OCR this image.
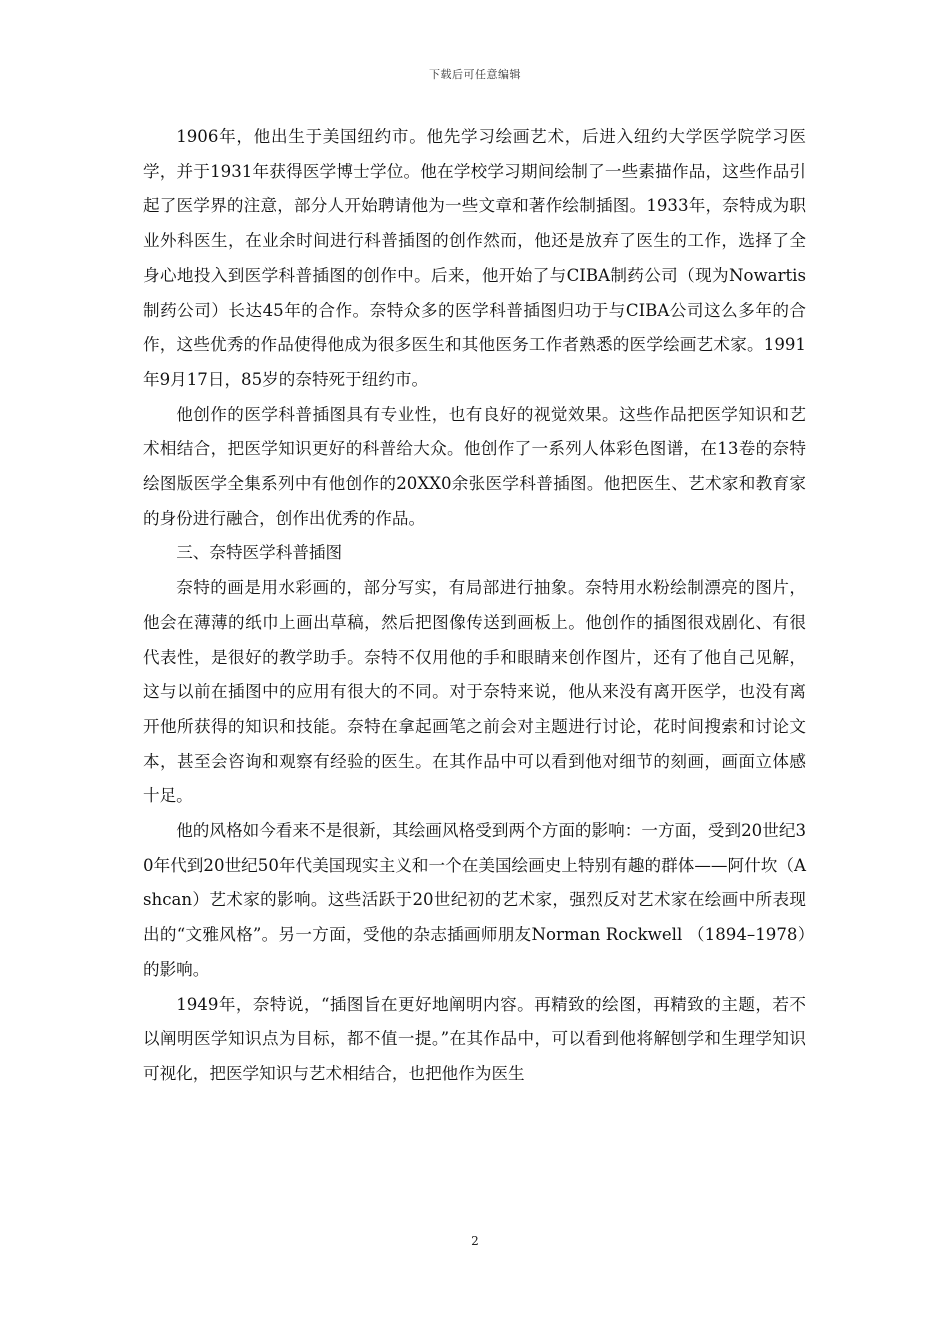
下载后可任意编辑

1906年，他出生于美国纽约市。他先学习绘画艺术，后进入纽约大学医学院学习医学，并于1931年获得医学博士学位。他在学校学习期间绘制了一些素描作品，这些作品引起了医学界的注意，部分人开始聘请他为一些文章和著作绘制插图。1933年，奈特成为职业外科医生，在业余时间进行科普插图的创作然而，他还是放弃了医生的工作，选择了全身心地投入到医学科普插图的创作中。后来，他开始了与CIBA制药公司（现为Nowartis制药公司）长达45年的合作。奈特众多的医学科普插图归功于与CIBA公司这么多年的合作，这些优秀的作品使得他成为很多医生和其他医务工作者熟悉的医学绘画艺术家。1991年9月17日，85岁的奈特死于纽约市。

他创作的医学科普插图具有专业性，也有良好的视觉效果。这些作品把医学知识和艺术相结合，把医学知识更好的科普给大众。他创作了一系列人体彩色图谱，在13卷的奈特绘图版医学全集系列中有他创作的20XX0余张医学科普插图。他把医生、艺术家和教育家的身份进行融合，创作出优秀的作品。

三、奈特医学科普插图

奈特的画是用水彩画的，部分写实，有局部进行抽象。奈特用水粉绘制漂亮的图片，他会在薄薄的纸巾上画出草稿，然后把图像传送到画板上。他创作的插图很戏剧化、有很代表性，是很好的教学助手。奈特不仅用他的手和眼睛来创作图片，还有了他自己见解，这与以前在插图中的应用有很大的不同。对于奈特来说，他从来没有离开医学，也没有离开他所获得的知识和技能。奈特在拿起画笔之前会对主题进行讨论，花时间搜索和讨论文本，甚至会咨询和观察有经验的医生。在其作品中可以看到他对细节的刻画，画面立体感十足。

他的风格如今看来不是很新，其绘画风格受到两个方面的影响：一方面，受到20世纪30年代到20世纪50年代美国现实主义和一个在美国绘画史上特别有趣的群体——阿什坎（Ashcan）艺术家的影响。这些活跃于20世纪初的艺术家，强烈反对艺术家在绘画中所表现出的“文雅风格”。另一方面，受他的杂志插画师朋友Norman Rockwell （1894–1978）的影响。

1949年，奈特说，“插图旨在更好地阐明内容。再精致的绘图，再精致的主题，若不以阐明医学知识点为目标，都不值一提。”在其作品中，可以看到他将解刨学和生理学知识可视化，把医学知识与艺术相结合，也把他作为医生

2
